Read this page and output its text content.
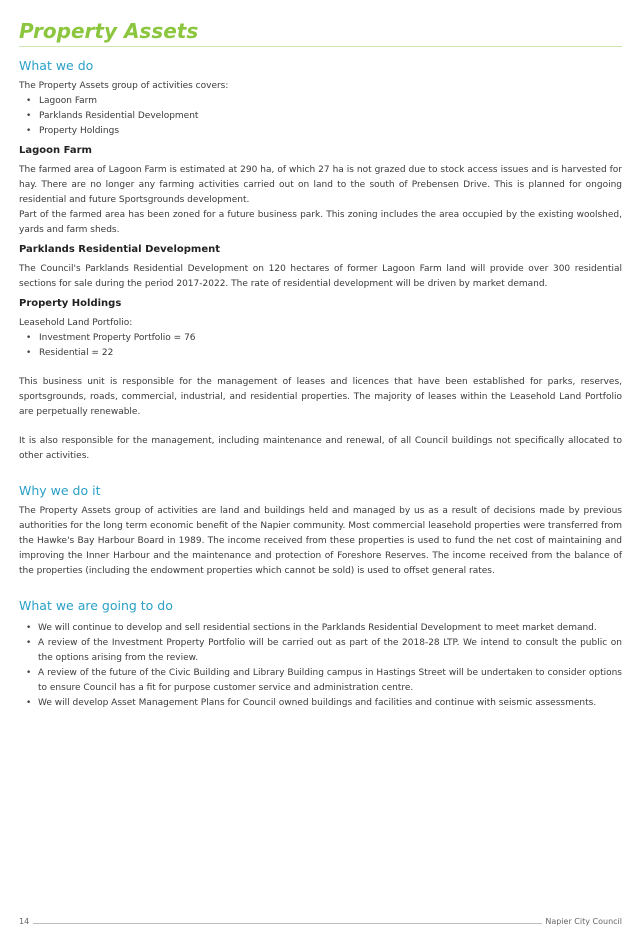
Property Assets
What we do

The Property Assets group of activities covers:

• Lagoon Farm
• Parklands Residential Development
• Property Holdings
Lagoon Farm

The farmed area of Lagoon Farm is estimated at 290 ha, of which 27 ha is not grazed due to stock access issues and is harvested for hay. There are no longer any farming activities carried out on land to the south of Prebensen Drive. This is planned for ongoing residential and future Sportsgrounds development.

Part of the farmed area has been zoned for a future business park. This zoning includes the area occupied by the existing woolshed, yards and farm sheds.

Parklands Residential Development

The Council's Parklands Residential Development on 120 hectares of former Lagoon Farm land will provide over 300 residential sections for sale during the period 2017-2022. The rate of residential development will be driven by market demand.

Property Holdings

Leasehold Land Portfolio:

• Investment Property Portfolio = 76
• Residential = 22

This business unit is responsible for the management of leases and licences that have been established for parks, reserves, sportsgrounds, roads, commercial, industrial, and residential properties. The majority of leases within the Leasehold Land Portfolio are perpetually renewable.

It is also responsible for the management, including maintenance and renewal, of all Council buildings not specifically allocated to other activities.

Why we do it

The Property Assets group of activities are land and buildings held and managed by us as a result of decisions made by previous authorities for the long term economic benefit of the Napier community. Most commercial leasehold properties were transferred from the Hawke's Bay Harbour Board in 1989. The income received from these properties is used to fund the net cost of maintaining and improving the Inner Harbour and the maintenance and protection of Foreshore Reserves. The income received from the balance of the properties (including the endowment properties which cannot be sold) is used to offset general rates.

What we are going to do
• We will continue to develop and sell residential sections in the Parklands Residential Development to meet market demand.
• A review of the Investment Property Portfolio will be carried out as part of the 2018-28 LTP. We intend to consult the public on the options arising from the review.
• A review of the future of the Civic Building and Library Building campus in Hastings Street will be undertaken to consider options to ensure Council has a fit for purpose customer service and administration centre.
• We will develop Asset Management Plans for Council owned buildings and facilities and continue with seismic assessments.
14	Napier City Council
